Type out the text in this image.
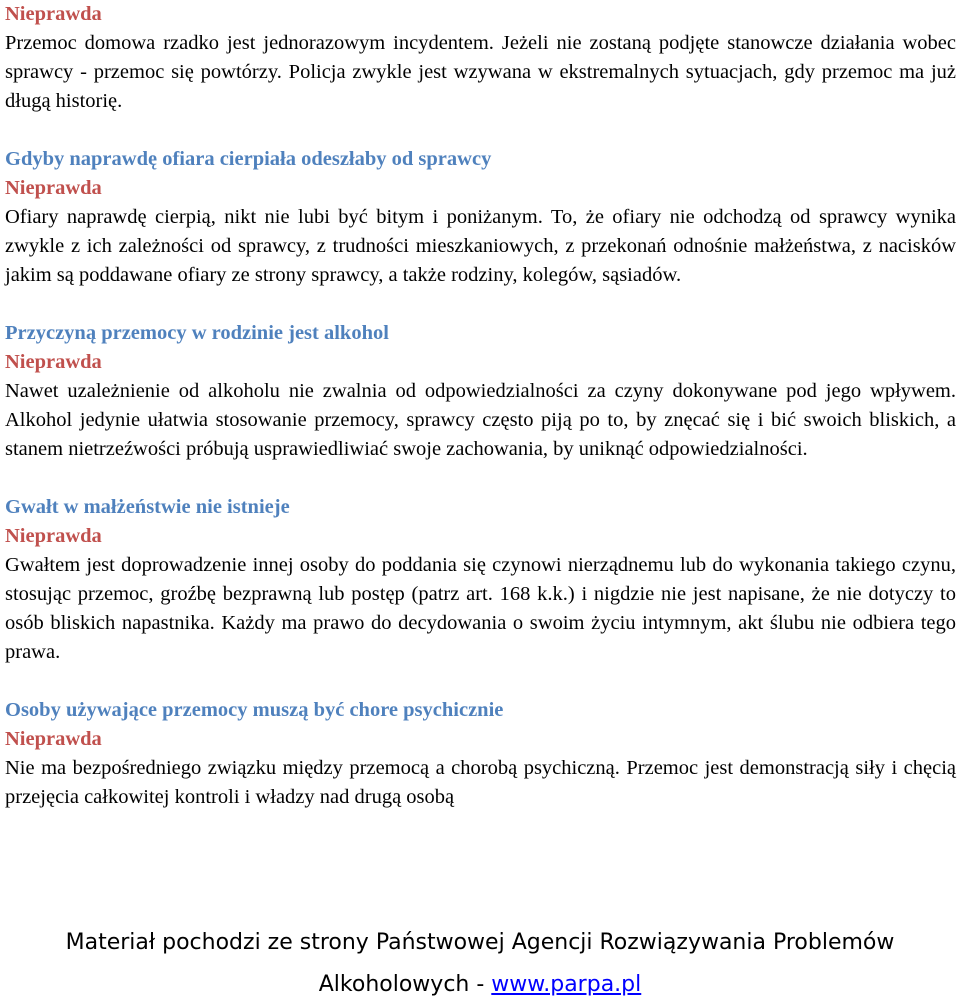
Nieprawda

Przemoc domowa rzadko jest jednorazowym incydentem. Jeżeli nie zostaną podjęte stanowcze działania wobec sprawcy - przemoc się powtórzy. Policja zwykle jest wzywana w ekstremalnych sytuacjach, gdy przemoc ma już długą historię.

Gdyby naprawdę ofiara cierpiała odeszłaby od sprawcy

Nieprawda

Ofiary naprawdę cierpią, nikt nie lubi być bitym i poniżanym. To, że ofiary nie odchodzą od sprawcy wynika zwykle z ich zależności od sprawcy, z trudności mieszkaniowych, z przekonań odnośnie małżeństwa, z nacisków jakim są poddawane ofiary ze strony sprawcy, a także rodziny, kolegów, sąsiadów.

Przyczyną przemocy w rodzinie jest alkohol

Nieprawda

Nawet uzależnienie od alkoholu nie zwalnia od odpowiedzialności za czyny dokonywane pod jego wpływem. Alkohol jedynie ułatwia stosowanie przemocy, sprawcy często piją po to, by znęcać się i bić swoich bliskich, a stanem nietrzeźwości próbują usprawiedliwiać swoje zachowania, by uniknąć odpowiedzialności.

Gwałt w małżeństwie nie istnieje

Nieprawda

Gwałtem jest doprowadzenie innej osoby do poddania się czynowi nierządnemu lub do wykonania takiego czynu, stosując przemoc, groźbę bezprawną lub postęp (patrz art. 168 k.k.) i nigdzie nie jest napisane, że nie dotyczy to osób bliskich napastnika. Każdy ma prawo do decydowania o swoim życiu intymnym, akt ślubu nie odbiera tego prawa.

Osoby używające przemocy muszą być chore psychicznie

Nieprawda

Nie ma bezpośredniego związku między przemocą a chorobą psychiczną. Przemoc jest demonstracją siły i chęcią przejęcia całkowitej kontroli i władzy nad drugą osobą

Materiał pochodzi ze strony Państwowej Agencji Rozwiązywania Problemów
Alkoholowych - www.parpa.pl
